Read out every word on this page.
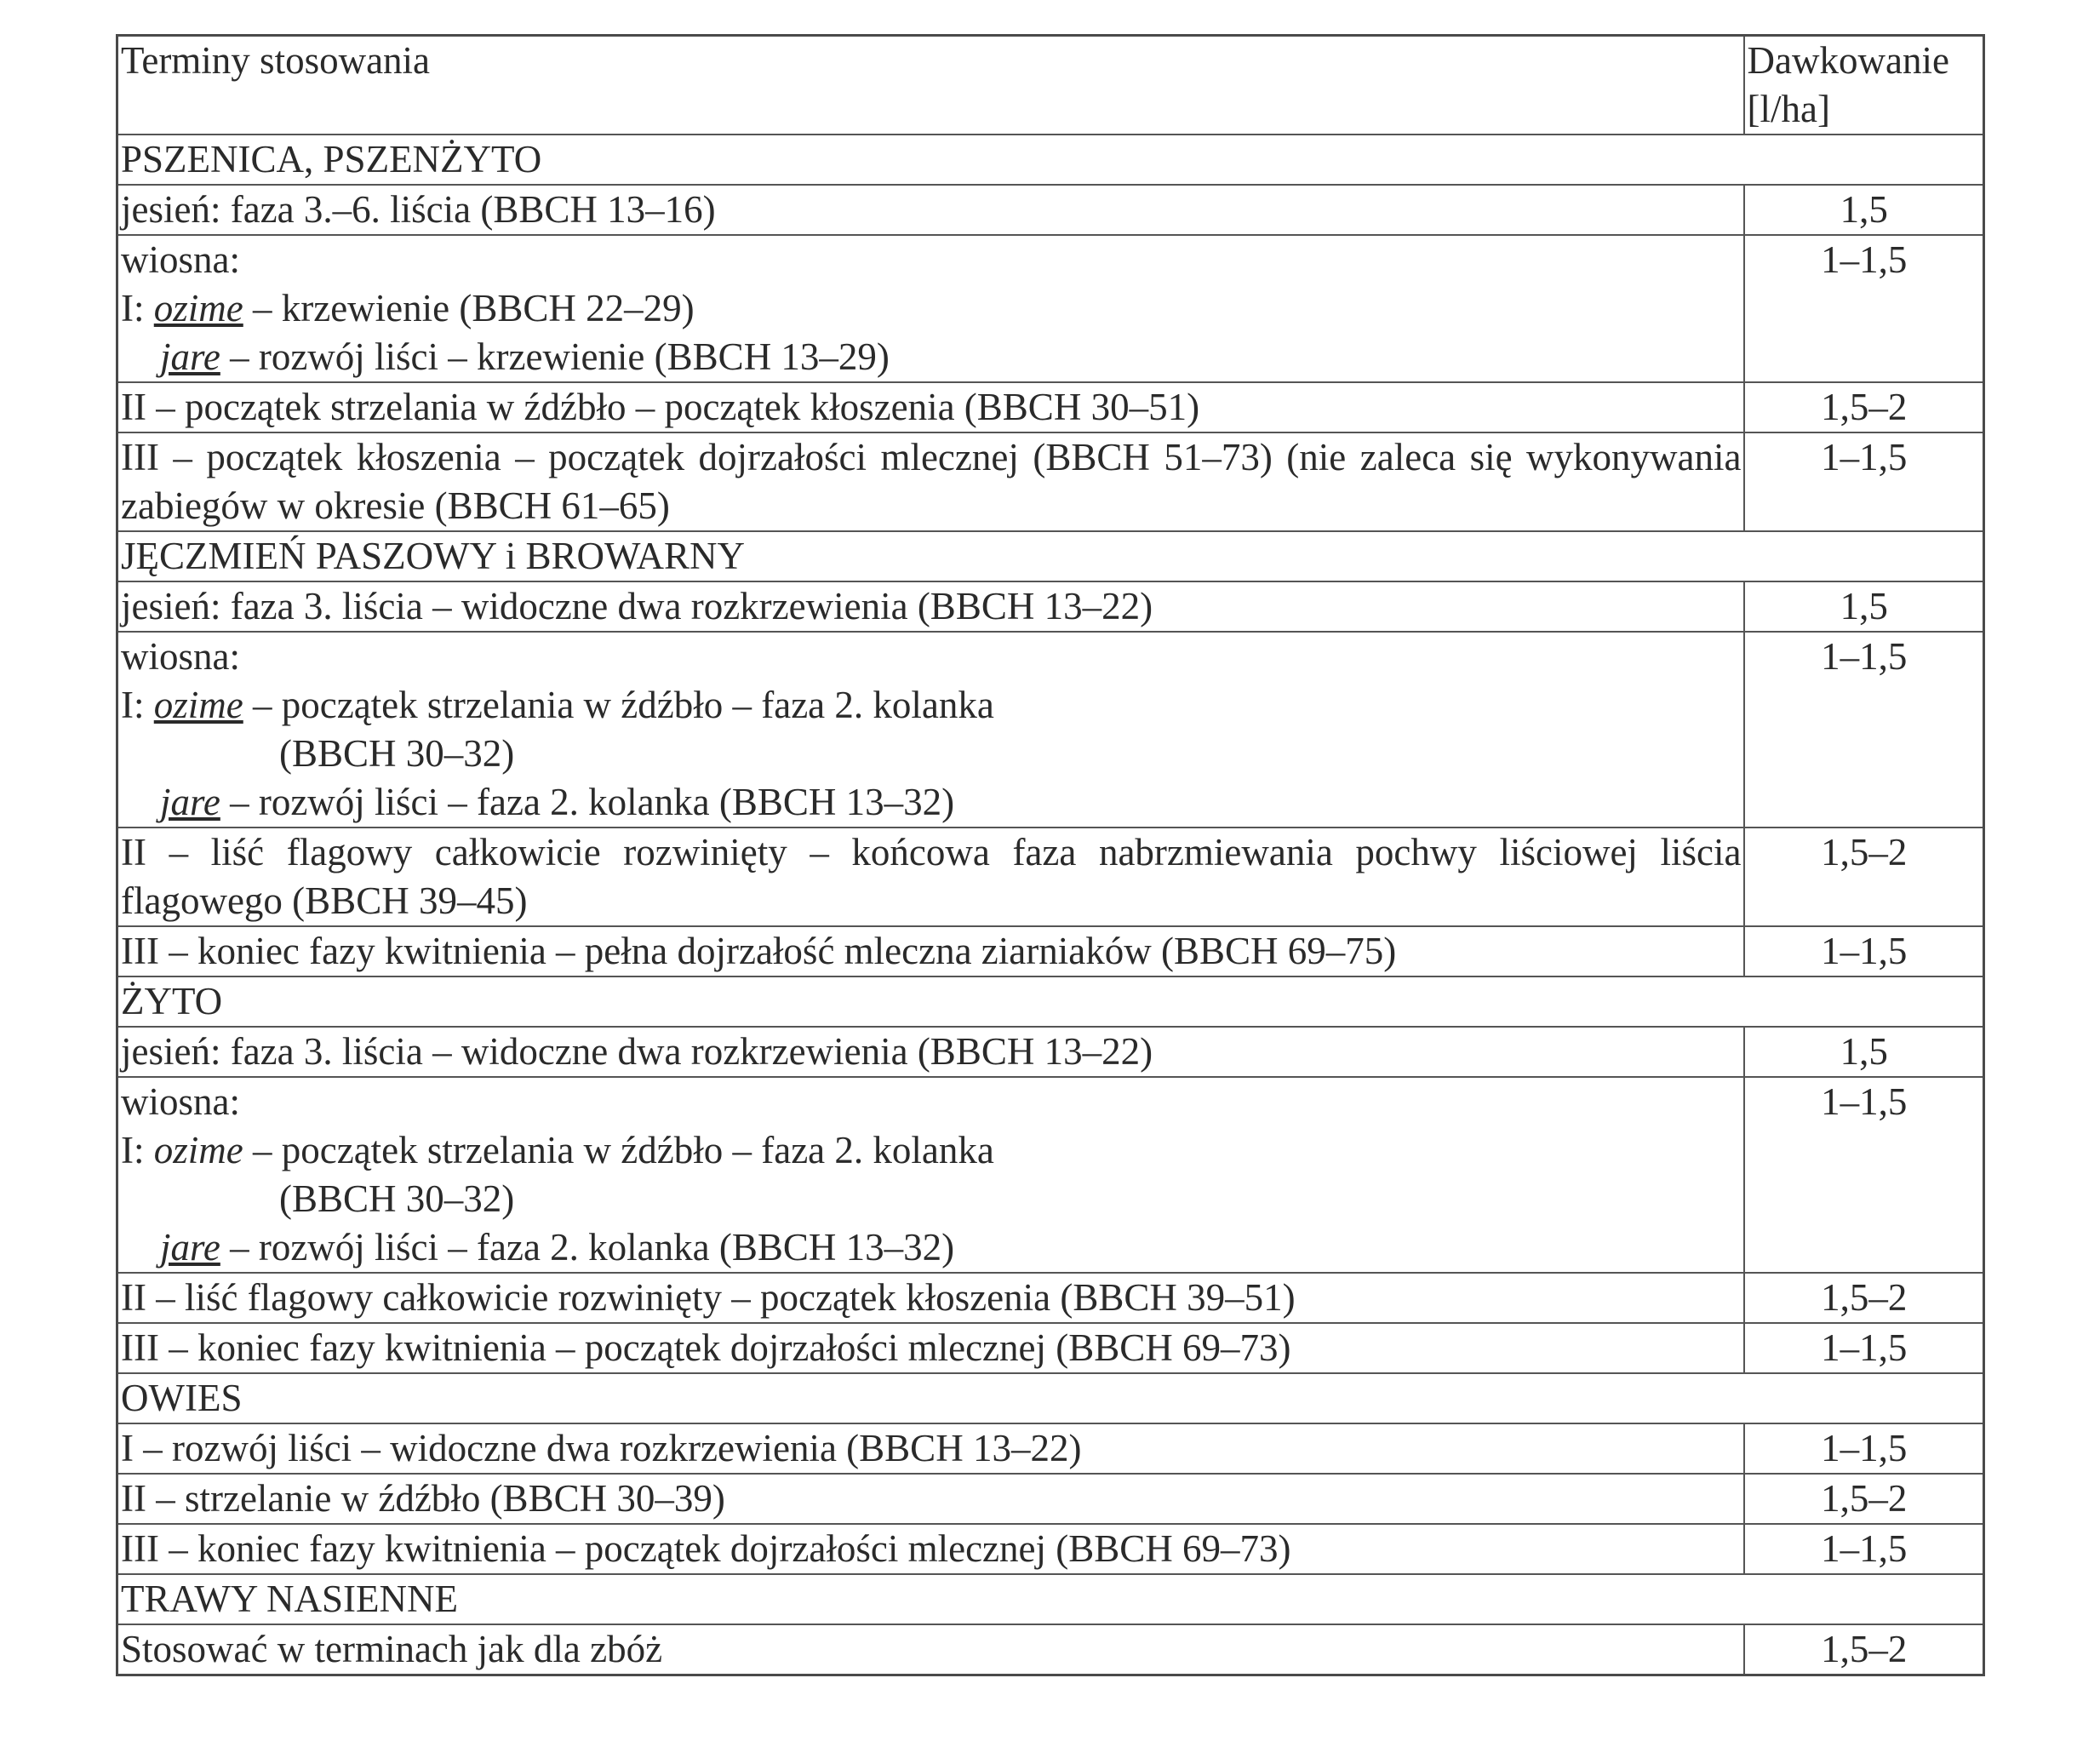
Terminy stosowania	Dawkowanie
[l/ha]
PSZENICA, PSZENŻYTO	
jesień: faza 3.–6. liścia (BBCH 13–16)	1,5

wiosna:
I: ozime – krzewienie (BBCH 22–29)
jare – rozwój liści – krzewienie (BBCH 13–29)	1–1,5
II – początek strzelania w źdźbło – początek kłoszenia (BBCH 30–51)	1,5–2
III – początek kłoszenia – początek dojrzałości mlecznej (BBCH 51–73) (nie zaleca się wykonywania zabiegów w okresie (BBCH 61–65)	1–1,5
JĘCZMIEŃ PASZOWY i BROWARNY	
jesień: faza 3. liścia – widoczne dwa rozkrzewienia (BBCH 13–22)	1,5

wiosna:
I: ozime – początek strzelania w źdźbło – faza 2. kolanka
(BBCH 30–32)
jare – rozwój liści – faza 2. kolanka (BBCH 13–32)	1–1,5
II – liść flagowy całkowicie rozwinięty – końcowa faza nabrzmiewania pochwy liściowej liścia flagowego (BBCH 39–45)	1,5–2
III – koniec fazy kwitnienia – pełna dojrzałość mleczna ziarniaków (BBCH 69–75)	1–1,5
ŻYTO	
jesień: faza 3. liścia – widoczne dwa rozkrzewienia (BBCH 13–22)	1,5

wiosna:
I: ozime – początek strzelania w źdźbło – faza 2. kolanka
(BBCH 30–32)
jare – rozwój liści – faza 2. kolanka (BBCH 13–32)	1–1,5
II – liść flagowy całkowicie rozwinięty – początek kłoszenia (BBCH 39–51)	1,5–2
III – koniec fazy kwitnienia – początek dojrzałości mlecznej (BBCH 69–73)	1–1,5
OWIES	
I – rozwój liści – widoczne dwa rozkrzewienia (BBCH 13–22)	1–1,5
II – strzelanie w źdźbło (BBCH 30–39)	1,5–2
III – koniec fazy kwitnienia – początek dojrzałości mlecznej (BBCH 69–73)	1–1,5
TRAWY NASIENNE	
Stosować w terminach jak dla zbóż	1,5–2
